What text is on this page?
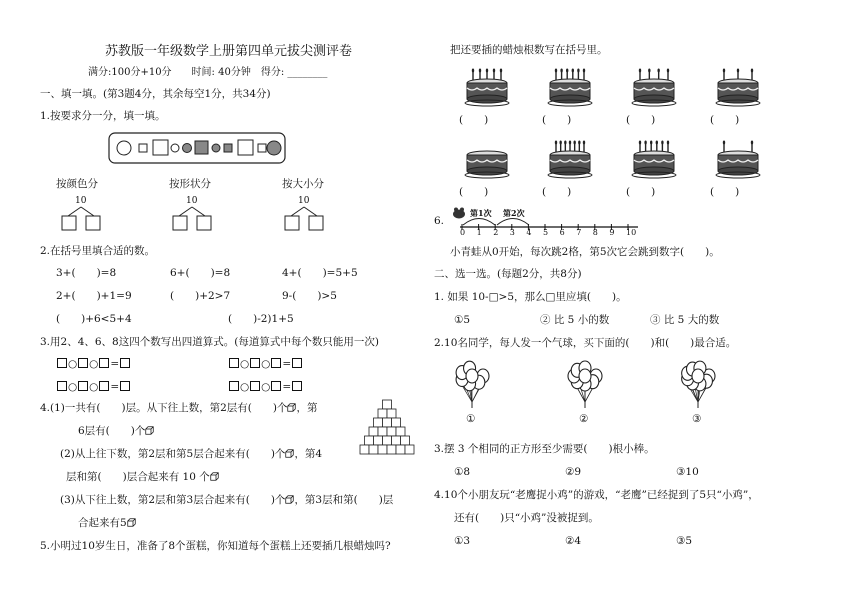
苏教版一年级数学上册第四单元拔尖测评卷
满分:100分+10分　　时间: 40分钟　得分: ________
一、填一填。(第3题4分，其余每空1分，共34分)
1.按要求分一分，填一填。
按颜色分	按形状分	按大小分
10	10	10
2.在括号里填合适的数。
3+(　　)=8	6+(　　)=8	4+(　　)=5+5
2+(　　)+1=9	(　　)+2>7	9-(　　)>5
(　　)+6<5+4	(　　)-2)1+5
3.用2、4、6、8这四个数写出四道算式。(每道算式中每个数只能用一次)
○ ○ =	○ ○ =
○ ○ =	○ ○ =
4.(1)一共有(　　)层。从下往上数，第2层有(　　)个 ，第
6层有(　　)个
(2)从上往下数，第2层和第5层合起来有(　　)个 ，第4
层和第(　　)层合起来有 10 个
(3)从下往上数，第2层和第3层合起来有(　　)个 ，第3层和第(　　)层
合起来有5
5.小明过10岁生日，准备了8个蛋糕，你知道每个蛋糕上还要插几根蜡烛吗?
把还要插的蜡烛根数写在括号里。
(　　)	(　　)	(　　)	(　　)
(　　)	(　　)	(　　)	(　　)
6.
第1次 第2次
0 1 2 3 4 5 6 7 8 9 10
小青蛙从0开始，每次跳2格，第5次它会跳到数字(　　)。
二、选一选。(每题2分，共8分)
1. 如果 10-□>5，那么□里应填(　　)。
①5	② 比 5 小的数	③ 比 5 大的数
2.10名同学，每人发一个气球，买下面的(　　)和(　　)最合适。
①	②	③
3.摆 3 个相同的正方形至少需要(　　)根小棒。
①8	②9	③10
4.10个小朋友玩“老鹰捉小鸡”的游戏，“老鹰”已经捉到了5只“小鸡”，
还有(　　)只“小鸡”没被捉到。
①3	②4	③5
